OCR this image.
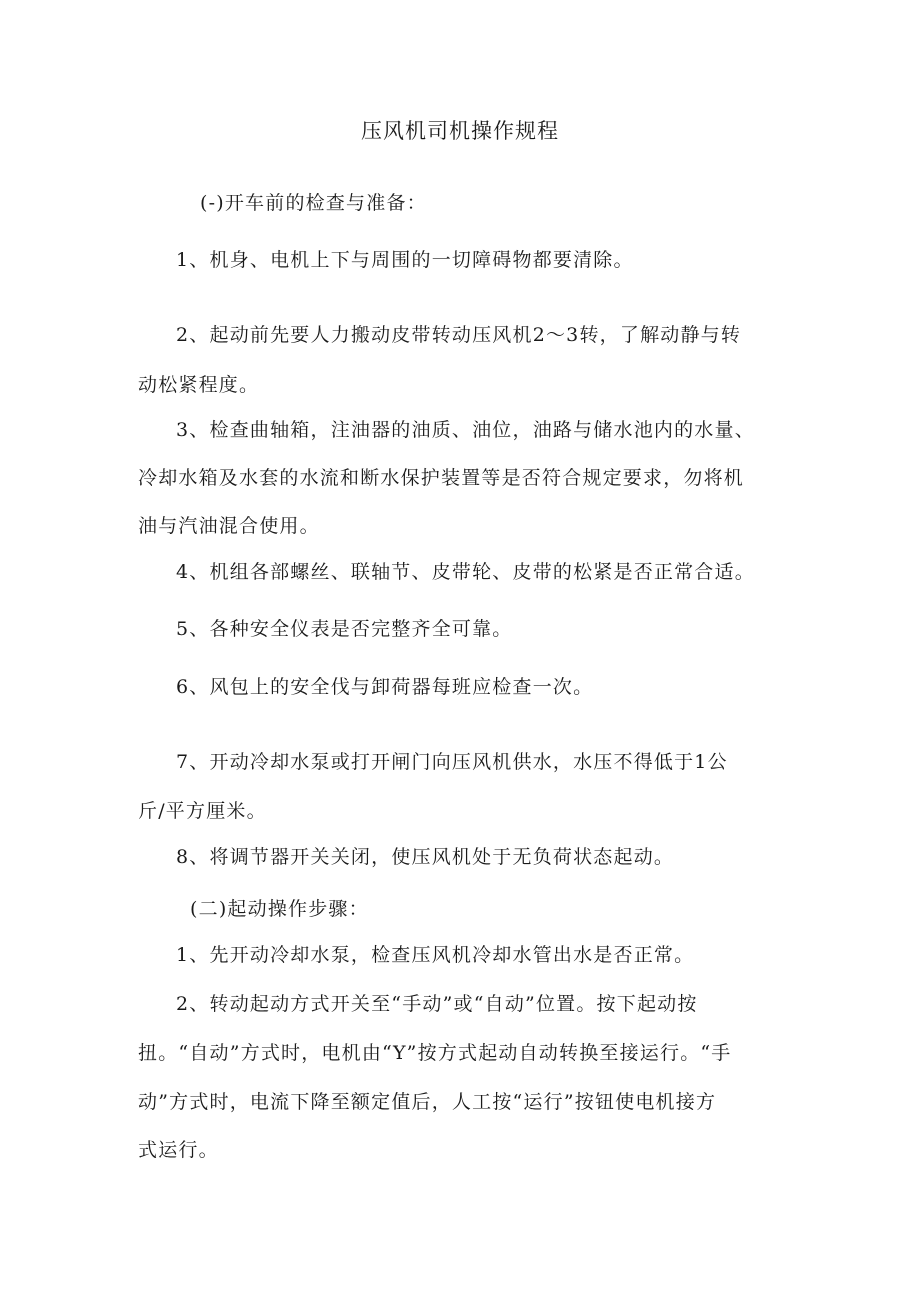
压风机司机操作规程
(-)开车前的检查与准备：
1、机身、电机上下与周围的一切障碍物都要清除。
2、起动前先要人力搬动皮带转动压风机2～3转，了解动静与转
动松紧程度。
3、检查曲轴箱，注油器的油质、油位，油路与储水池内的水量、
冷却水箱及水套的水流和断水保护装置等是否符合规定要求，勿将机
油与汽油混合使用。
4、机组各部螺丝、联轴节、皮带轮、皮带的松紧是否正常合适。
5、各种安全仪表是否完整齐全可靠。
6、风包上的安全伐与卸荷器每班应检查一次。
7、开动冷却水泵或打开闸门向压风机供水，水压不得低于1公
斤/平方厘米。
8、将调节器开关关闭，使压风机处于无负荷状态起动。
(二)起动操作步骤：
1、先开动冷却水泵，检查压风机冷却水管出水是否正常。
2、转动起动方式开关至“手动”或“自动”位置。按下起动按
扭。“自动”方式时，电机由“Y”按方式起动自动转换至接运行。“手
动”方式时，电流下降至额定值后，人工按“运行”按钮使电机接方
式运行。
